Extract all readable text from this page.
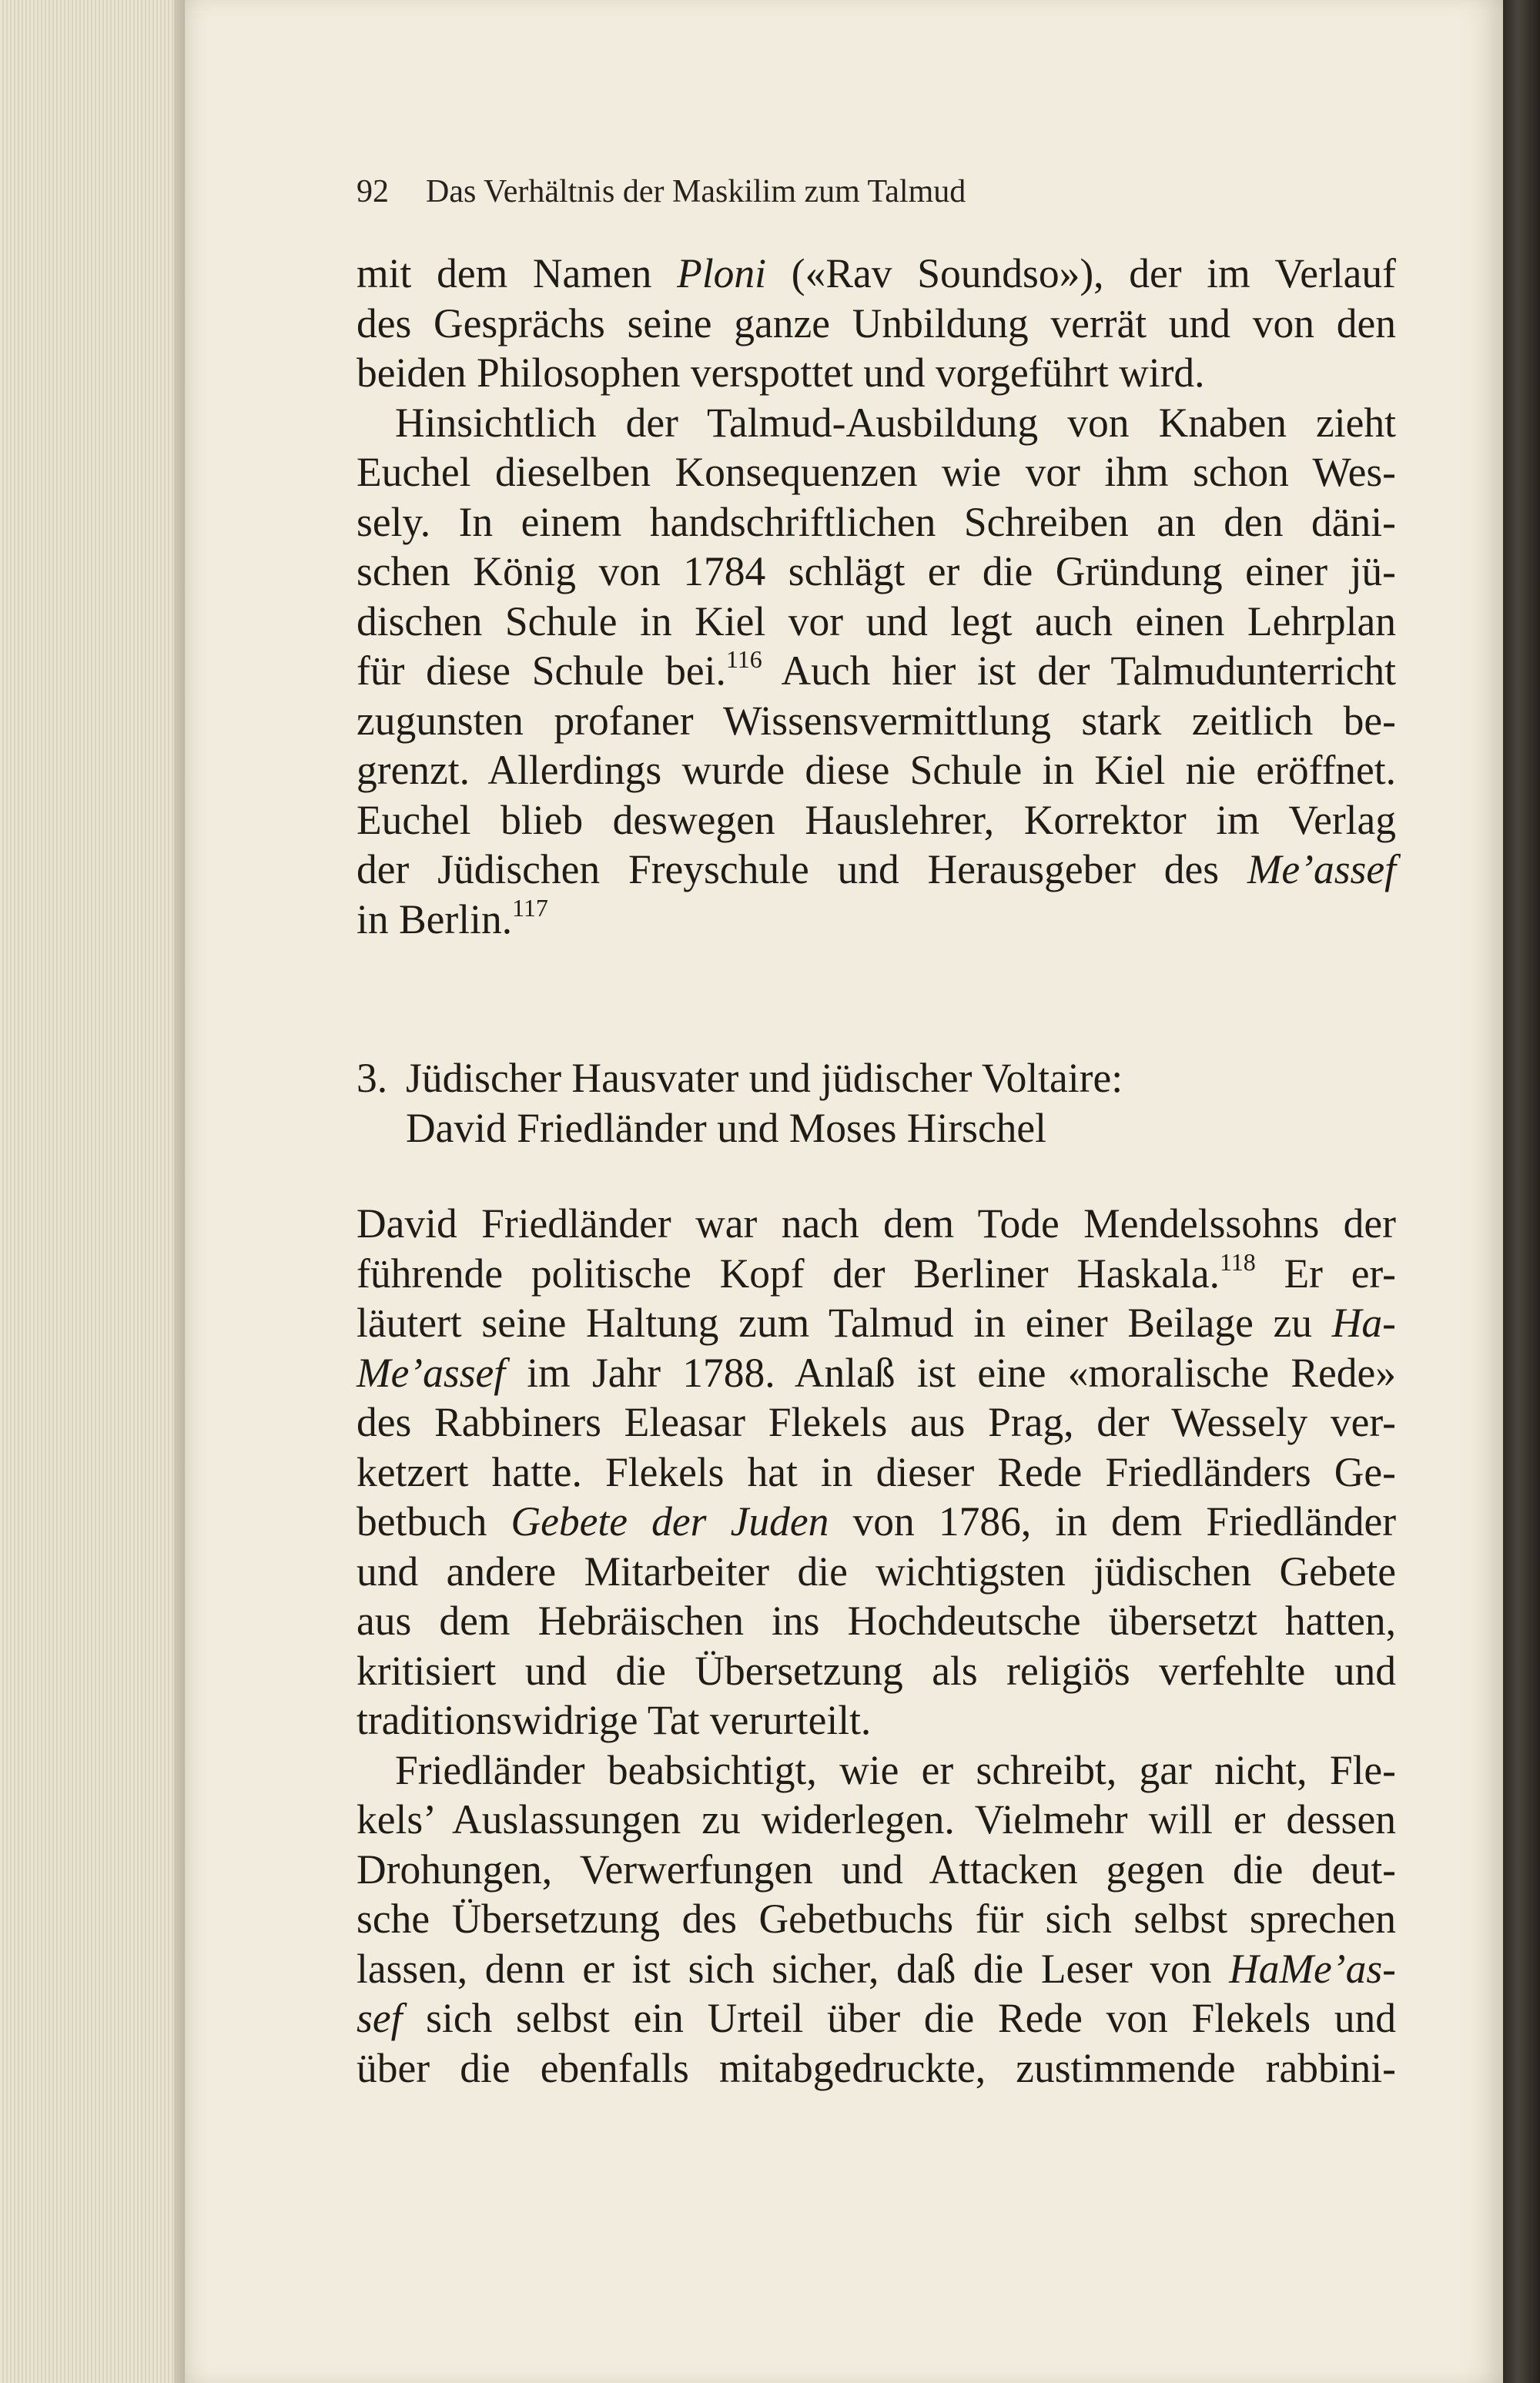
92 Das Verhältnis der Maskilim zum Talmud
mit dem Namen Ploni («Rav Soundso»), der im Verlauf
des Gesprächs seine ganze Unbildung verrät und von den
beiden Philosophen verspottet und vorgeführt wird.
Hinsichtlich der Talmud-Ausbildung von Knaben zieht
Euchel dieselben Konsequenzen wie vor ihm schon Wes-
sely. In einem handschriftlichen Schreiben an den däni-
schen König von 1784 schlägt er die Gründung einer jü-
dischen Schule in Kiel vor und legt auch einen Lehrplan
für diese Schule bei.$^{116}$ Auch hier ist der Talmudunterricht
zugunsten profaner Wissensvermittlung stark zeitlich be-
grenzt. Allerdings wurde diese Schule in Kiel nie eröffnet.
Euchel blieb deswegen Hauslehrer, Korrektor im Verlag
der Jüdischen Freyschule und Herausgeber des Me’assef
in Berlin.$^{117}$
3. Jüdischer Hausvater und jüdischer Voltaire:
David Friedländer und Moses Hirschel
David Friedländer war nach dem Tode Mendelssohns der
führende politische Kopf der Berliner Haskala.$^{118}$ Er er-
läutert seine Haltung zum Talmud in einer Beilage zu Ha-
Me’assef im Jahr 1788. Anlaß ist eine «moralische Rede»
des Rabbiners Eleasar Flekels aus Prag, der Wessely ver-
ketzert hatte. Flekels hat in dieser Rede Friedländers Ge-
betbuch Gebete der Juden von 1786, in dem Friedländer
und andere Mitarbeiter die wichtigsten jüdischen Gebete
aus dem Hebräischen ins Hochdeutsche übersetzt hatten,
kritisiert und die Übersetzung als religiös verfehlte und
traditionswidrige Tat verurteilt.
Friedländer beabsichtigt, wie er schreibt, gar nicht, Fle-
kels’ Auslassungen zu widerlegen. Vielmehr will er dessen
Drohungen, Verwerfungen und Attacken gegen die deut-
sche Übersetzung des Gebetbuchs für sich selbst sprechen
lassen, denn er ist sich sicher, daß die Leser von HaMe’as-
sef sich selbst ein Urteil über die Rede von Flekels und
über die ebenfalls mitabgedruckte, zustimmende rabbini-
